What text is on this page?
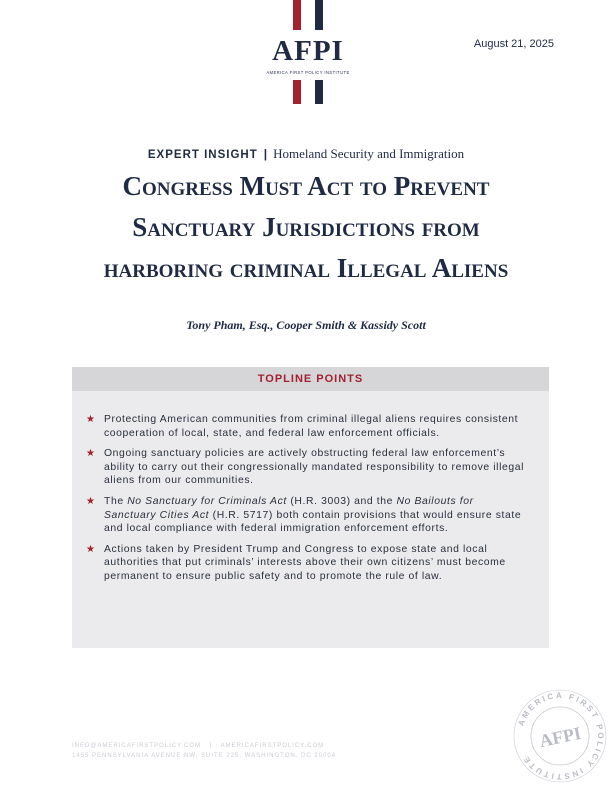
AFPI
AMERICA FIRST POLICY INSTITUTE
August 21, 2025
EXPERT INSIGHT | Homeland Security and Immigration
Congress Must Act to Prevent Sanctuary Jurisdictions from harboring criminal Illegal Aliens
Tony Pham, Esq., Cooper Smith & Kassidy Scott
TOPLINE POINTS
★ Protecting American communities from criminal illegal aliens requires consistent cooperation of local, state, and federal law enforcement officials.
★ Ongoing sanctuary policies are actively obstructing federal law enforcement’s ability to carry out their congressionally mandated responsibility to remove illegal aliens from our communities.
★ The No Sanctuary for Criminals Act (H.R. 3003) and the No Bailouts for Sanctuary Cities Act (H.R. 5717) both contain provisions that would ensure state and local compliance with federal immigration enforcement efforts.
★ Actions taken by President Trump and Congress to expose state and local authorities that put criminals’ interests above their own citizens’ must become permanent to ensure public safety and to promote the rule of law.
INFO@AMERICAFIRSTPOLICY.COM | AMERICAFIRSTPOLICY.COM
1455 PENNSYLVANIA AVENUE NW, SUITE 225, WASHINGTON, DC 20004
AMERICA FIRST POLICY INSTITUTE
AFPI
